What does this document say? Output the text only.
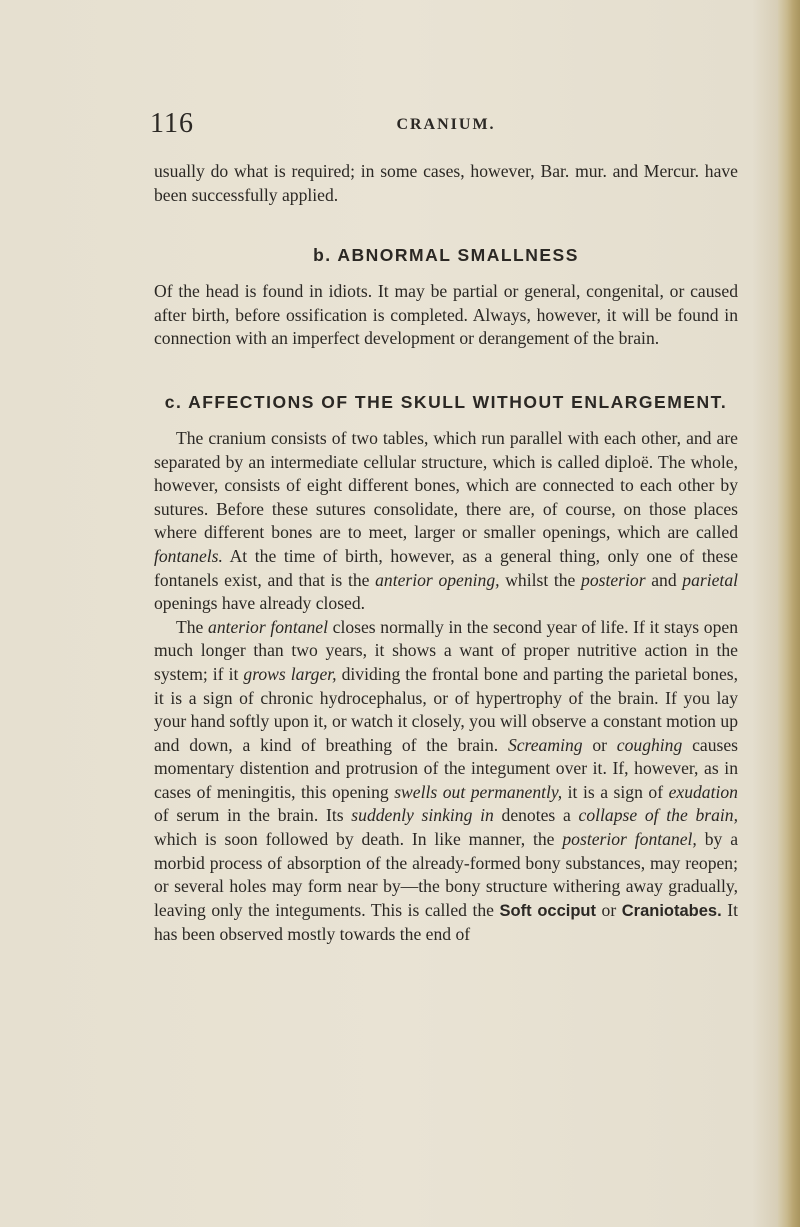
116	CRANIUM.

usually do what is required; in some cases, however, Bar. mur. and Mercur. have been successfully applied.

b. ABNORMAL SMALLNESS

Of the head is found in idiots. It may be partial or general, congenital, or caused after birth, before ossification is completed. Always, however, it will be found in connection with an imperfect development or derangement of the brain.

c. AFFECTIONS OF THE SKULL WITHOUT ENLARGEMENT.

The cranium consists of two tables, which run parallel with each other, and are separated by an intermediate cellular structure, which is called diploë. The whole, however, consists of eight different bones, which are connected to each other by sutures. Before these sutures consolidate, there are, of course, on those places where different bones are to meet, larger or smaller openings, which are called fontanels. At the time of birth, however, as a general thing, only one of these fontanels exist, and that is the anterior opening, whilst the posterior and parietal openings have already closed.

The anterior fontanel closes normally in the second year of life. If it stays open much longer than two years, it shows a want of proper nutritive action in the system; if it grows larger, dividing the frontal bone and parting the parietal bones, it is a sign of chronic hydrocephalus, or of hypertrophy of the brain. If you lay your hand softly upon it, or watch it closely, you will observe a constant motion up and down, a kind of breathing of the brain. Screaming or coughing causes momentary distention and protrusion of the integument over it. If, however, as in cases of meningitis, this opening swells out permanently, it is a sign of exudation of serum in the brain. Its suddenly sinking in denotes a collapse of the brain, which is soon followed by death. In like manner, the posterior fontanel, by a morbid process of absorption of the already-formed bony substances, may reopen; or several holes may form near by—the bony structure withering away gradually, leaving only the integuments. This is called the Soft occiput or Craniotabes. It has been observed mostly towards the end of
